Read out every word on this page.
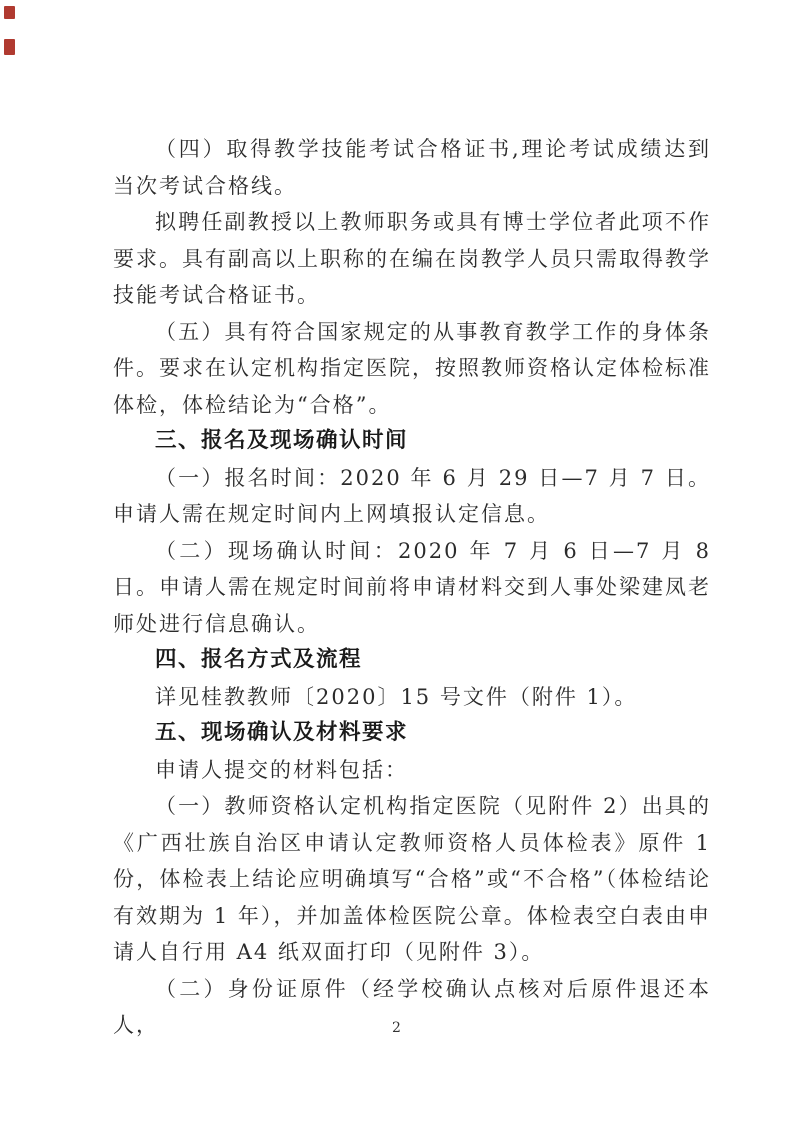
（四）取得教学技能考试合格证书,理论考试成绩达到当次考试合格线。

拟聘任副教授以上教师职务或具有博士学位者此项不作要求。具有副高以上职称的在编在岗教学人员只需取得教学技能考试合格证书。

（五）具有符合国家规定的从事教育教学工作的身体条件。要求在认定机构指定医院，按照教师资格认定体检标准体检，体检结论为“合格”。

三、报名及现场确认时间

（一）报名时间：2020 年 6 月 29 日—7 月 7 日。申请人需在规定时间内上网填报认定信息。

（二）现场确认时间：2020 年 7 月 6 日—7 月 8 日。申请人需在规定时间前将申请材料交到人事处梁建凤老师处进行信息确认。

四、报名方式及流程

详见桂教教师〔2020〕15 号文件（附件 1）。

五、现场确认及材料要求

申请人提交的材料包括：

（一）教师资格认定机构指定医院（见附件 2）出具的《广西壮族自治区申请认定教师资格人员体检表》原件 1 份，体检表上结论应明确填写“合格”或“不合格”（体检结论有效期为 1 年），并加盖体检医院公章。体检表空白表由申请人自行用 A4 纸双面打印（见附件 3）。

（二）身份证原件（经学校确认点核对后原件退还本人，	2
